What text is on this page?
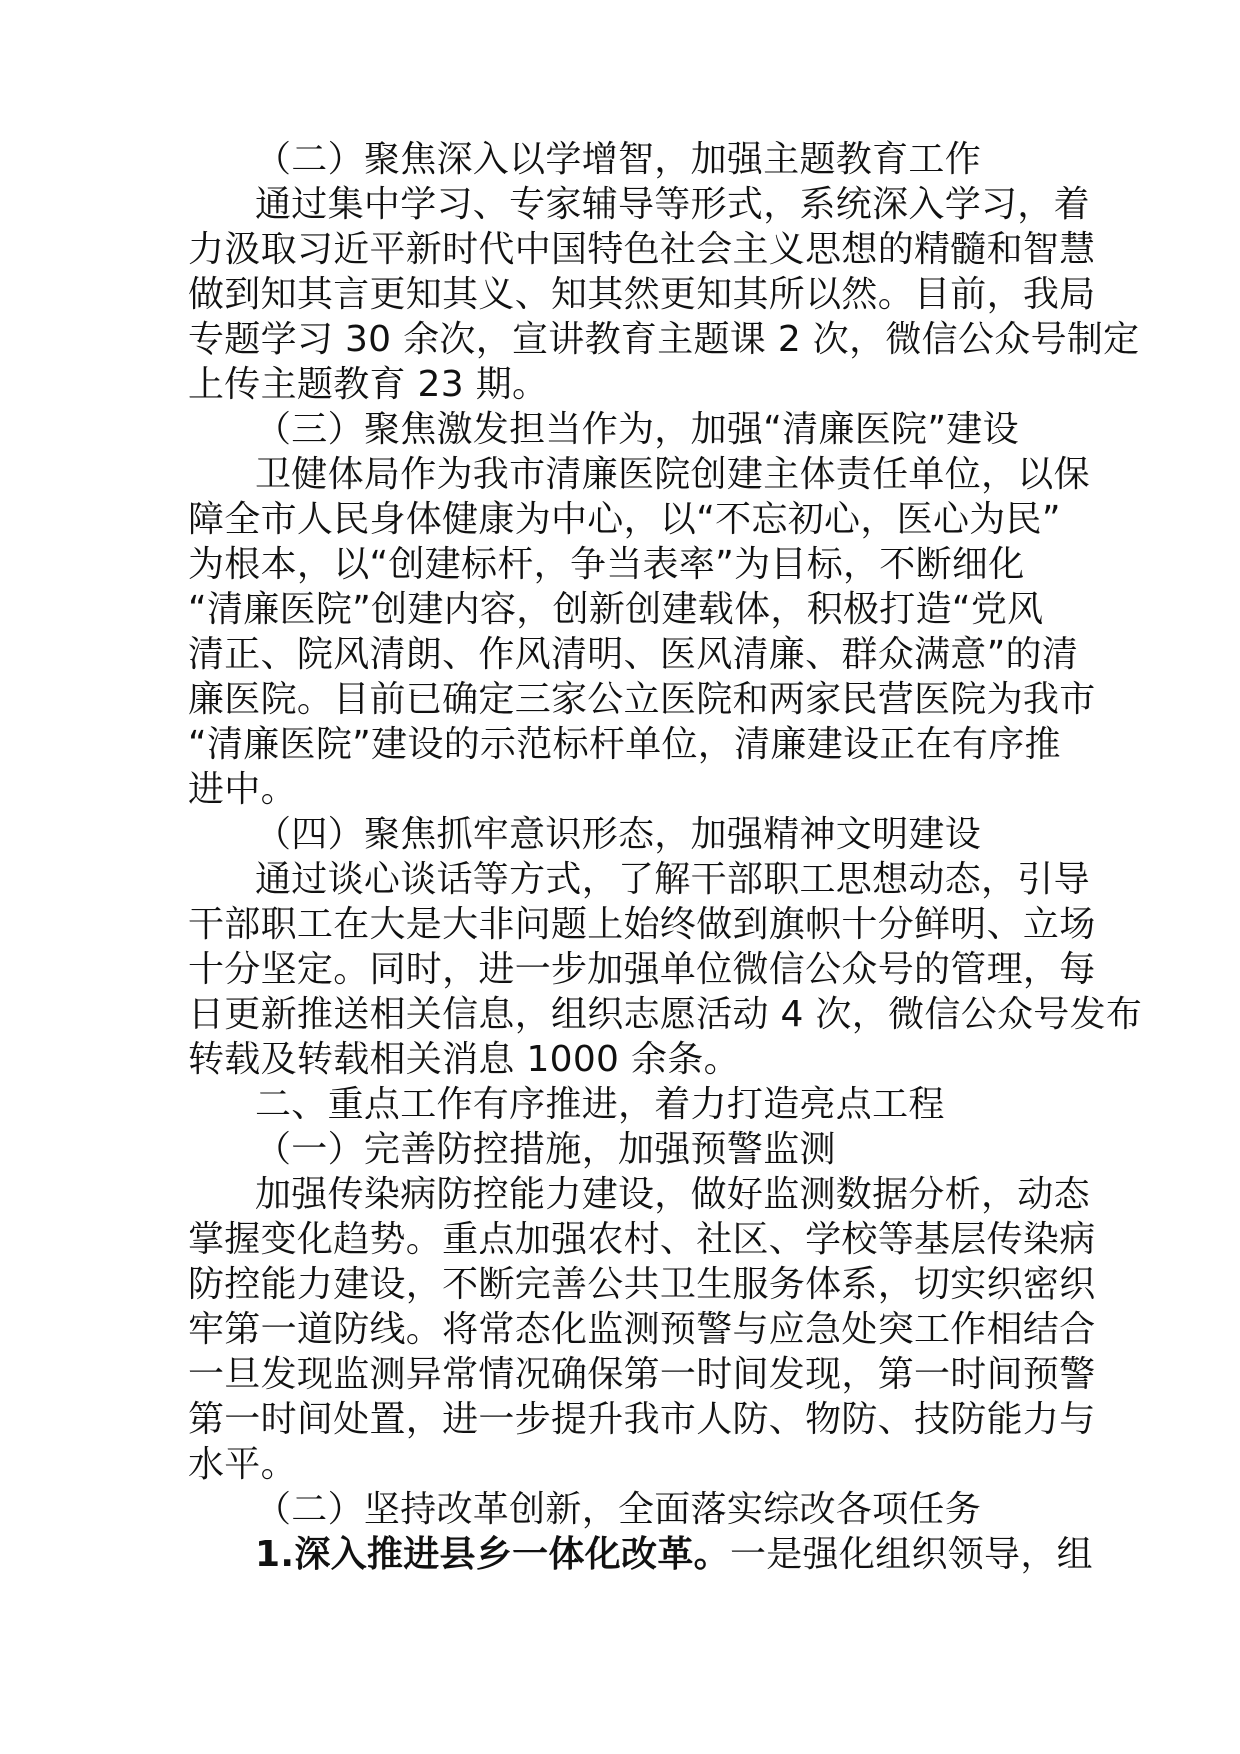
（二）聚焦深入以学增智，加强主题教育工作
通过集中学习、专家辅导等形式，系统深入学习，着
力汲取习近平新时代中国特色社会主义思想的精髓和智慧
做到知其言更知其义、知其然更知其所以然。目前，我局
专题学习 30 余次，宣讲教育主题课 2 次，微信公众号制定
上传主题教育 23 期。
（三）聚焦激发担当作为，加强“清廉医院”建设
卫健体局作为我市清廉医院创建主体责任单位，以保
障全市人民身体健康为中心，以“不忘初心，医心为民”
为根本，以“创建标杆，争当表率”为目标，不断细化
“清廉医院”创建内容，创新创建载体，积极打造“党风
清正、院风清朗、作风清明、医风清廉、群众满意”的清
廉医院。目前已确定三家公立医院和两家民营医院为我市
“清廉医院”建设的示范标杆单位，清廉建设正在有序推
进中。
（四）聚焦抓牢意识形态，加强精神文明建设
通过谈心谈话等方式，了解干部职工思想动态，引导
干部职工在大是大非问题上始终做到旗帜十分鲜明、立场
十分坚定。同时，进一步加强单位微信公众号的管理，每
日更新推送相关信息，组织志愿活动 4 次，微信公众号发布
转载及转载相关消息 1000 余条。
二、重点工作有序推进，着力打造亮点工程
（一）完善防控措施，加强预警监测
加强传染病防控能力建设，做好监测数据分析，动态
掌握变化趋势。重点加强农村、社区、学校等基层传染病
防控能力建设，不断完善公共卫生服务体系，切实织密织
牢第一道防线。将常态化监测预警与应急处突工作相结合
一旦发现监测异常情况确保第一时间发现，第一时间预警
第一时间处置，进一步提升我市人防、物防、技防能力与
水平。
（二）坚持改革创新，全面落实综改各项任务
1.深入推进县乡一体化改革。一是强化组织领导，组
